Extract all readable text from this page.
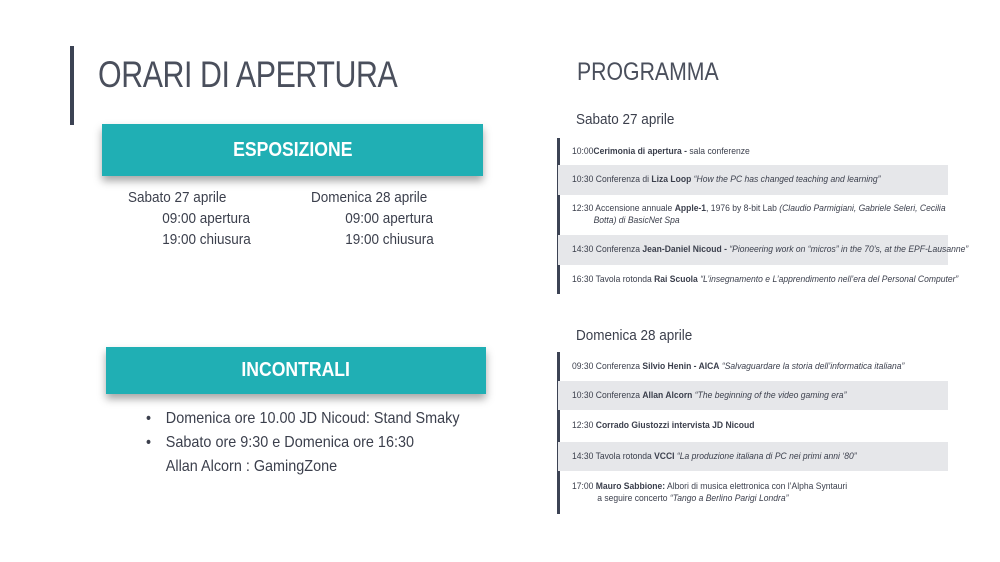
ORARI DI APERTURA
ESPOSIZIONE
Sabato 27 aprile
09:00 apertura
19:00 chiusura
Domenica 28 aprile
09:00 apertura
19:00 chiusura
INCONTRALI
• Domenica ore 10.00 JD Nicoud: Stand Smaky
• Sabato ore 9:30 e Domenica ore 16:30
Allan Alcorn : GamingZone
PROGRAMMA
Sabato 27 aprile
10:00Cerimonia di apertura - sala conferenze
10:30 Conferenza di Liza Loop “How the PC has changed teaching and learning”
12:30 Accensione annuale Apple-1, 1976 by 8-bit Lab (Claudio Parmigiani, Gabriele Seleri, Cecilia
Botta) di BasicNet Spa
14:30 Conferenza Jean-Daniel Nicoud - “Pioneering work on “micros” in the 70’s, at the EPF-Lausanne”
16:30 Tavola rotonda Rai Scuola “L’insegnamento e L’apprendimento nell’era del Personal Computer”
Domenica 28 aprile
09:30 Conferenza Silvio Henin - AICA “Salvaguardare la storia dell’informatica italiana”
10:30 Conferenza Allan Alcorn “The beginning of the video gaming era”
12:30 Corrado Giustozzi intervista JD Nicoud
14:30 Tavola rotonda VCCI “La produzione italiana di PC nei primi anni ‘80”
17:00 Mauro Sabbione: Albori di musica elettronica con l’Alpha Syntauri
a seguire concerto “Tango a Berlino Parigi Londra”
